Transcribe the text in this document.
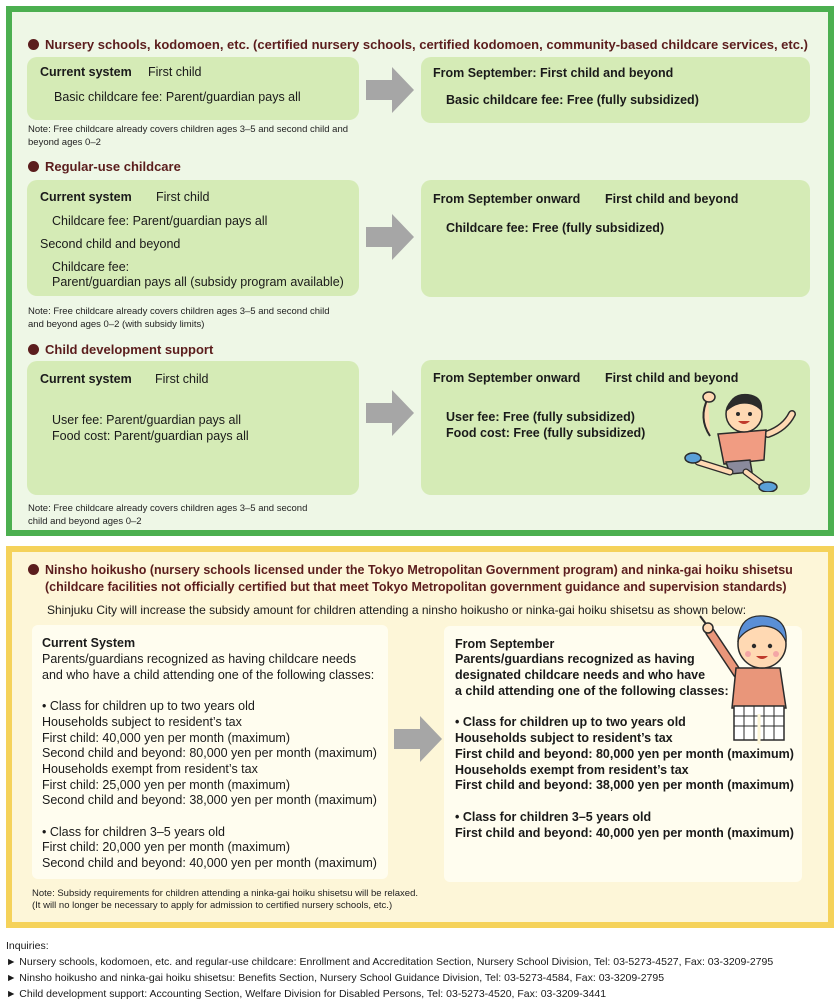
Nursery schools, kodomoen, etc. (certified nursery schools, certified kodomoen, community-based childcare services, etc.)
Current system First child
Basic childcare fee: Parent/guardian pays all
From September: First child and beyond
Basic childcare fee: Free (fully subsidized)
Note: Free childcare already covers children ages 3–5 and second child and beyond ages 0–2
Regular-use childcare
Current system First child
Childcare fee: Parent/guardian pays all
Second child and beyond
Childcare fee:
Parent/guardian pays all (subsidy program available)
From September onward First child and beyond
Childcare fee: Free (fully subsidized)
Note: Free childcare already covers children ages 3–5 and second child
and beyond ages 0–2 (with subsidy limits)
Child development support
Current system First child
User fee: Parent/guardian pays all
Food cost: Parent/guardian pays all
From September onward First child and beyond
User fee: Free (fully subsidized)
Food cost: Free (fully subsidized)
Note: Free childcare already covers children ages 3–5 and second
child and beyond ages 0–2
Ninsho hoikusho (nursery schools licensed under the Tokyo Metropolitan Government program) and ninka-gai hoiku shisetsu
(childcare facilities not officially certified but that meet Tokyo Metropolitan government guidance and supervision standards)
Shinjuku City will increase the subsidy amount for children attending a ninsho hoikusho or ninka-gai hoiku shisetsu as shown below:
Current System
Parents/guardians recognized as having childcare needs
and who have a child attending one of the following classes:
• Class for children up to two years old
Households subject to resident’s tax
First child: 40,000 yen per month (maximum)
Second child and beyond: 80,000 yen per month (maximum)
Households exempt from resident’s tax
First child: 25,000 yen per month (maximum)
Second child and beyond: 38,000 yen per month (maximum)
• Class for children 3–5 years old
First child: 20,000 yen per month (maximum)
Second child and beyond: 40,000 yen per month (maximum)
From September
Parents/guardians recognized as having
designated childcare needs and who have
a child attending one of the following classes:
• Class for children up to two years old
Households subject to resident’s tax
First child and beyond: 80,000 yen per month (maximum)
Households exempt from resident’s tax
First child and beyond: 38,000 yen per month (maximum)
• Class for children 3–5 years old
First child and beyond: 40,000 yen per month (maximum)
Note: Subsidy requirements for children attending a ninka-gai hoiku shisetsu will be relaxed.
(It will no longer be necessary to apply for admission to certified nursery schools, etc.)
Inquiries:
► Nursery schools, kodomoen, etc. and regular-use childcare: Enrollment and Accreditation Section, Nursery School Division, Tel: 03-5273-4527, Fax: 03-3209-2795
► Ninsho hoikusho and ninka-gai hoiku shisetsu: Benefits Section, Nursery School Guidance Division, Tel: 03-5273-4584, Fax: 03-3209-2795
► Child development support: Accounting Section, Welfare Division for Disabled Persons, Tel: 03-5273-4520, Fax: 03-3209-3441
